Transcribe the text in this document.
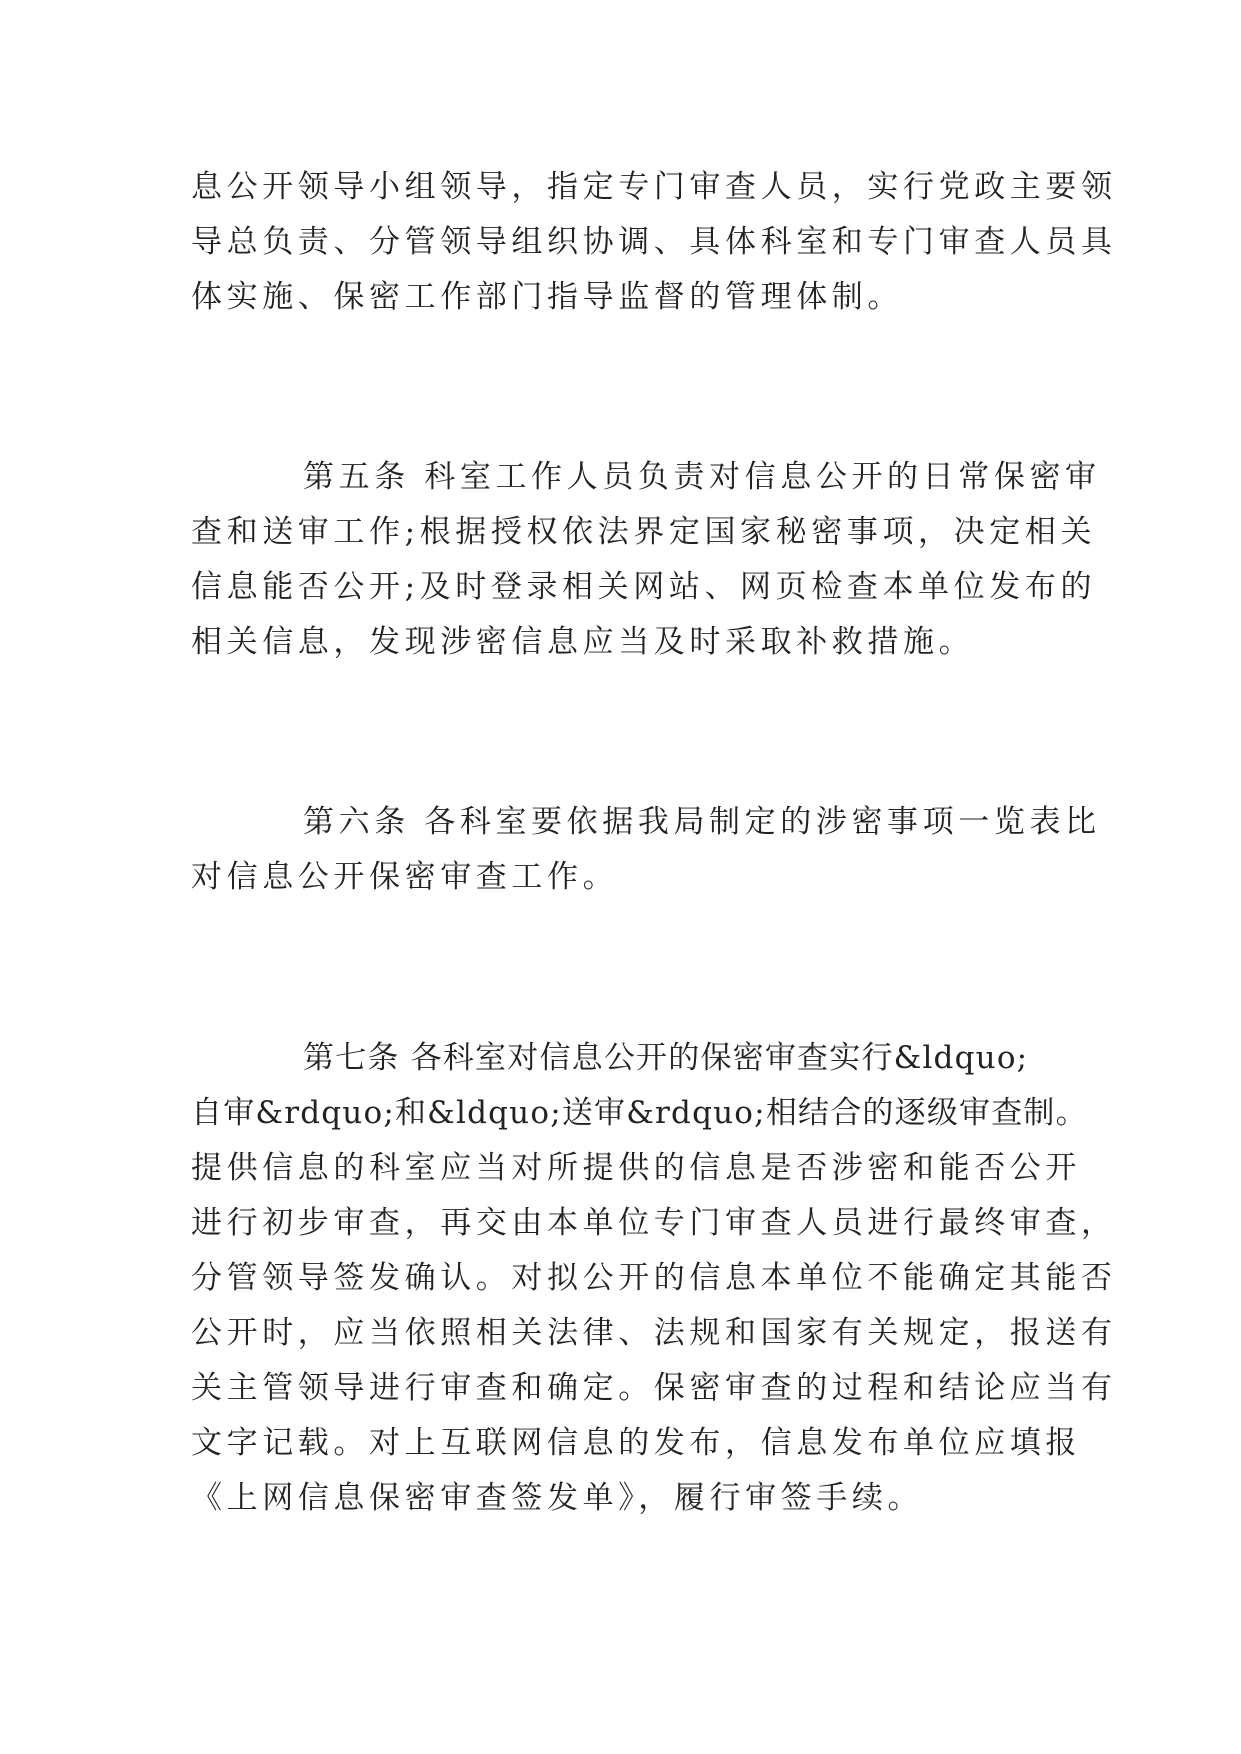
息公开领导小组领导，指定专门审查人员，实行党政主要领
导总负责、分管领导组织协调、具体科室和专门审查人员具
体实施、保密工作部门指导监督的管理体制。
第五条 科室工作人员负责对信息公开的日常保密审
查和送审工作;根据授权依法界定国家秘密事项，决定相关
信息能否公开;及时登录相关网站、网页检查本单位发布的
相关信息，发现涉密信息应当及时采取补救措施。
第六条 各科室要依据我局制定的涉密事项一览表比
对信息公开保密审查工作。
第七条 各科室对信息公开的保密审查实行&ldquo;
自审&rdquo;和&ldquo;送审&rdquo;相结合的逐级审查制。
提供信息的科室应当对所提供的信息是否涉密和能否公开
进行初步审查，再交由本单位专门审查人员进行最终审查，
分管领导签发确认。对拟公开的信息本单位不能确定其能否
公开时，应当依照相关法律、法规和国家有关规定，报送有
关主管领导进行审查和确定。保密审查的过程和结论应当有
文字记载。对上互联网信息的发布，信息发布单位应填报
《上网信息保密审查签发单》，履行审签手续。
